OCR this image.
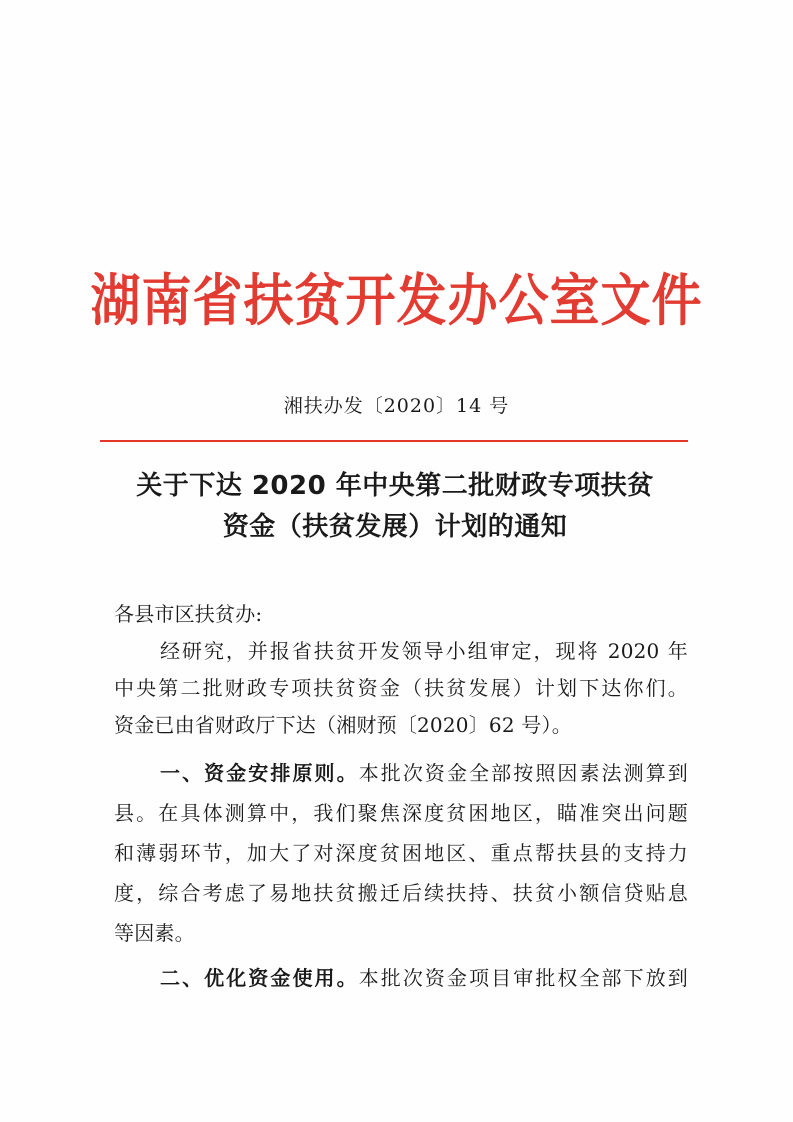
湖南省扶贫开发办公室文件
湘扶办发〔2020〕14 号
关于下达 2020 年中央第二批财政专项扶贫
资金（扶贫发展）计划的通知
各县市区扶贫办:
经研究，并报省扶贫开发领导小组审定，现将 2020 年
中央第二批财政专项扶贫资金（扶贫发展）计划下达你们。
资金已由省财政厅下达（湘财预〔2020〕62 号）。
一、资金安排原则。本批次资金全部按照因素法测算到
县。在具体测算中，我们聚焦深度贫困地区，瞄准突出问题
和薄弱环节，加大了对深度贫困地区、重点帮扶县的支持力
度，综合考虑了易地扶贫搬迁后续扶持、扶贫小额信贷贴息
等因素。
二、优化资金使用。本批次资金项目审批权全部下放到
